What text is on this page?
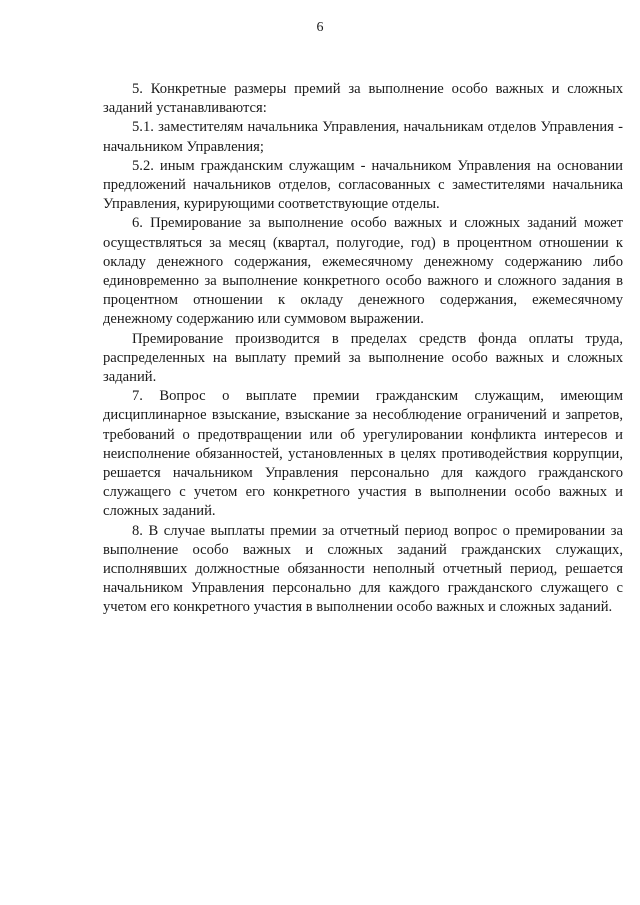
6

5. Конкретные размеры премий за выполнение особо важных и сложных заданий устанавливаются:

5.1. заместителям начальника Управления, начальникам отделов Управления - начальником Управления;

5.2. иным гражданским служащим - начальником Управления на основании предложений начальников отделов, согласованных с заместителями начальника Управления, курирующими соответствующие отделы.

6. Премирование за выполнение особо важных и сложных заданий может осуществляться за месяц (квартал, полугодие, год) в процентном отношении к окладу денежного содержания, ежемесячному денежному содержанию либо единовременно за выполнение конкретного особо важного и сложного задания в процентном отношении к окладу денежного содержания, ежемесячному денежному содержанию или суммовом выражении.

Премирование производится в пределах средств фонда оплаты труда, распределенных на выплату премий за выполнение особо важных и сложных заданий.

7. Вопрос о выплате премии гражданским служащим, имеющим дисциплинарное взыскание, взыскание за несоблюдение ограничений и запретов, требований о предотвращении или об урегулировании конфликта интересов и неисполнение обязанностей, установленных в целях противодействия коррупции, решается начальником Управления персонально для каждого гражданского служащего с учетом его конкретного участия в выполнении особо важных и сложных заданий.

8. В случае выплаты премии за отчетный период вопрос о премировании за выполнение особо важных и сложных заданий гражданских служащих, исполнявших должностные обязанности неполный отчетный период, решается начальником Управления персонально для каждого гражданского служащего с учетом его конкретного участия в выполнении особо важных и сложных заданий.
